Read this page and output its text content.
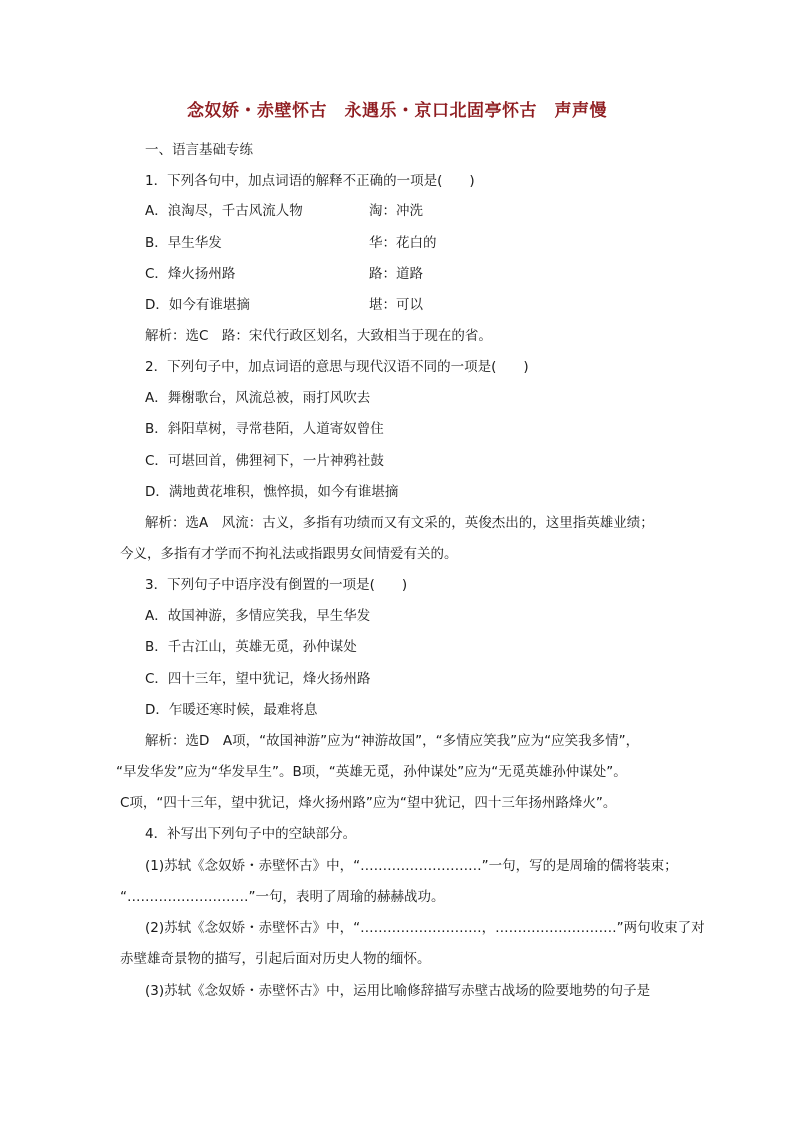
念奴娇・赤壁怀古　永遇乐・京口北固亭怀古　声声慢
一、语言基础专练
1．下列各句中，加点词语的解释不正确的一项是(　　)
A．浪淘尽，千古风流人物	淘：冲洗
B．早生华发	华：花白的
C．烽火扬州路	路：道路
D．如今有谁堪摘	堪：可以
解析：选C　路：宋代行政区划名，大致相当于现在的省。
2．下列句子中，加点词语的意思与现代汉语不同的一项是(　　)
A．舞榭歌台，风流总被，雨打风吹去
B．斜阳草树，寻常巷陌，人道寄奴曾住
C．可堪回首，佛狸祠下，一片神鸦社鼓
D．满地黄花堆积，憔悴损，如今有谁堪摘
解析：选A　风流：古义，多指有功绩而又有文采的，英俊杰出的，这里指英雄业绩；
今义，多指有才学而不拘礼法或指跟男女间情爱有关的。
3．下列句子中语序没有倒置的一项是(　　)
A．故国神游，多情应笑我，早生华发
B．千古江山，英雄无觅，孙仲谋处
C．四十三年，望中犹记，烽火扬州路
D．乍暖还寒时候，最难将息
解析：选D　A项，“故国神游”应为“神游故国”，“多情应笑我”应为“应笑我多情”，
“早发华发”应为“华发早生”。B项，“英雄无觅，孙仲谋处”应为“无觅英雄孙仲谋处”。
C项，“四十三年，望中犹记，烽火扬州路”应为“望中犹记，四十三年扬州路烽火”。
4．补写出下列句子中的空缺部分。
(1)苏轼《念奴娇・赤壁怀古》中，“………………………”一句，写的是周瑜的儒将装束；
“………………………”一句，表明了周瑜的赫赫战功。
(2)苏轼《念奴娇・赤壁怀古》中，“………………………，………………………”两句收束了对
赤壁雄奇景物的描写，引起后面对历史人物的缅怀。
(3)苏轼《念奴娇・赤壁怀古》中，运用比喻修辞描写赤壁古战场的险要地势的句子是
